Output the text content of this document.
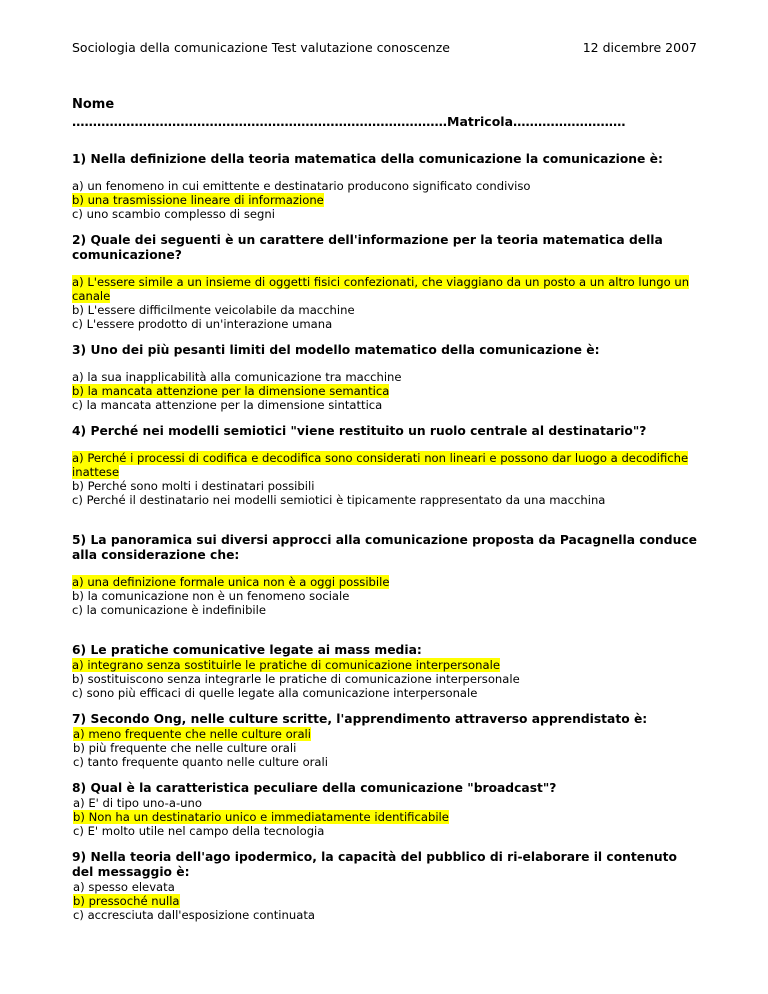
Sociologia della comunicazione Test valutazione conoscenze	12 dicembre 2007
Nome
………………………………………………………………………………Matricola………………………
1) Nella definizione della teoria matematica della comunicazione la comunicazione è:
a) un fenomeno in cui emittente e destinatario producono significato condiviso
b) una trasmissione lineare di informazione
c) uno scambio complesso di segni
2) Quale dei seguenti è un carattere dell'informazione per la teoria matematica della comunicazione?
a) L'essere simile a un insieme di oggetti fisici confezionati, che viaggiano da un posto a un altro lungo un canale
b) L'essere difficilmente veicolabile da macchine
c) L'essere prodotto di un'interazione umana
3) Uno dei più pesanti limiti del modello matematico della comunicazione è:
a) la sua inapplicabilità alla comunicazione tra macchine
b) la mancata attenzione per la dimensione semantica
c) la mancata attenzione per la dimensione sintattica
4) Perché nei modelli semiotici "viene restituito un ruolo centrale al destinatario"?
a) Perché i processi di codifica e decodifica sono considerati non lineari e possono dar luogo a decodifiche inattese
b) Perché sono molti i destinatari possibili
c) Perché il destinatario nei modelli semiotici è tipicamente rappresentato da una macchina
5) La panoramica sui diversi approcci alla comunicazione proposta da Pacagnella conduce alla considerazione che:
a) una definizione formale unica non è a oggi possibile
b) la comunicazione non è un fenomeno sociale
c) la comunicazione è indefinibile
6) Le pratiche comunicative legate ai mass media:
a) integrano senza sostituirle le pratiche di comunicazione interpersonale
b) sostituiscono senza integrarle le pratiche di comunicazione interpersonale
c) sono più efficaci di quelle legate alla comunicazione interpersonale
7) Secondo Ong, nelle culture scritte, l'apprendimento attraverso apprendistato è:
a) meno frequente che nelle culture orali
b) più frequente che nelle culture orali
c) tanto frequente quanto nelle culture orali
8) Qual è la caratteristica peculiare della comunicazione "broadcast"?
a) E' di tipo uno-a-uno
b) Non ha un destinatario unico e immediatamente identificabile
c) E' molto utile nel campo della tecnologia
9) Nella teoria dell'ago ipodermico, la capacità del pubblico di ri-elaborare il contenuto del messaggio è:
a) spesso elevata
b) pressoché nulla
c) accresciuta dall'esposizione continuata
